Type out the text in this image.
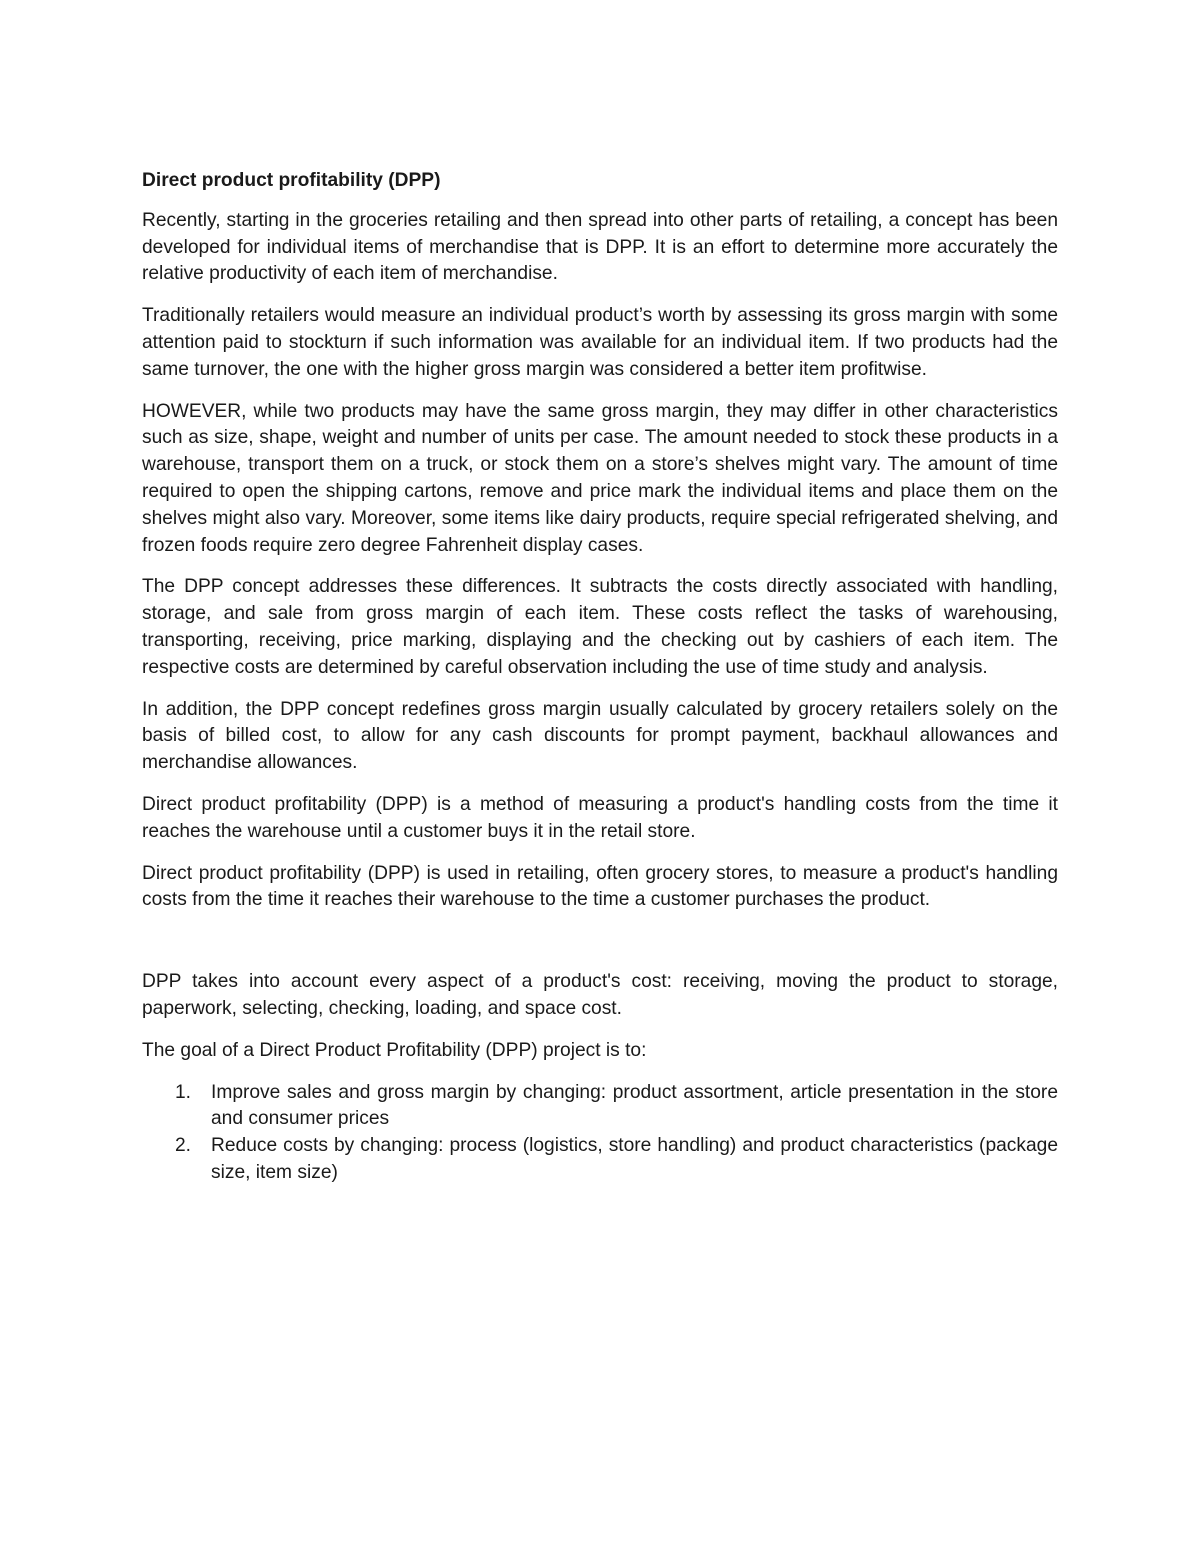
Direct product profitability (DPP)

Recently, starting in the groceries retailing and then spread into other parts of retailing, a concept has been developed for individual items of merchandise that is DPP. It is an effort to determine more accurately the relative productivity of each item of merchandise.

Traditionally retailers would measure an individual product’s worth by assessing its gross margin with some attention paid to stockturn if such information was available for an individual item. If two products had the same turnover, the one with the higher gross margin was considered a better item profitwise.

HOWEVER, while two products may have the same gross margin, they may differ in other characteristics such as size, shape, weight and number of units per case. The amount needed to stock these products in a warehouse, transport them on a truck, or stock them on a store’s shelves might vary. The amount of time required to open the shipping cartons, remove and price mark the individual items and place them on the shelves might also vary. Moreover, some items like dairy products, require special refrigerated shelving, and frozen foods require zero degree Fahrenheit display cases.

The DPP concept addresses these differences. It subtracts the costs directly associated with handling, storage, and sale from gross margin of each item. These costs reflect the tasks of warehousing, transporting, receiving, price marking, displaying and the checking out by cashiers of each item. The respective costs are determined by careful observation including the use of time study and analysis.

In addition, the DPP concept redefines gross margin usually calculated by grocery retailers solely on the basis of billed cost, to allow for any cash discounts for prompt payment, backhaul allowances and merchandise allowances.

Direct product profitability (DPP) is a method of measuring a product's handling costs from the time it reaches the warehouse until a customer buys it in the retail store.

Direct product profitability (DPP) is used in retailing, often grocery stores, to measure a product's handling costs from the time it reaches their warehouse to the time a customer purchases the product.

DPP takes into account every aspect of a product's cost: receiving, moving the product to storage, paperwork, selecting, checking, loading, and space cost.

The goal of a Direct Product Profitability (DPP) project is to:

1. Improve sales and gross margin by changing: product assortment, article presentation in the store and consumer prices
2. Reduce costs by changing: process (logistics, store handling) and product characteristics (package size, item size)
